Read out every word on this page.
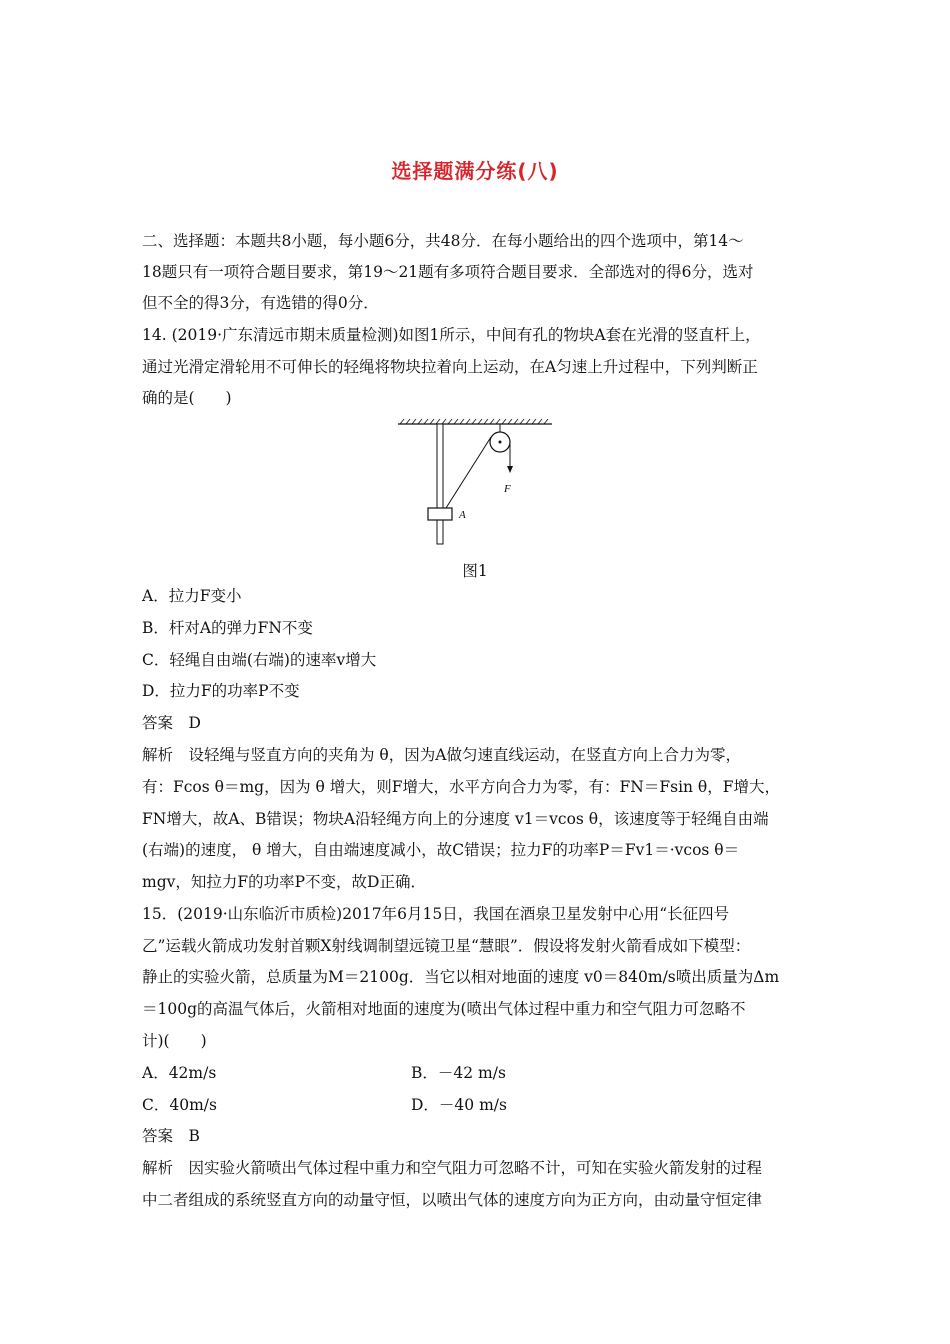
选择题满分练(八)
二、选择题：本题共8小题，每小题6分，共48分．在每小题给出的四个选项中，第14～
18题只有一项符合题目要求，第19～21题有多项符合题目要求．全部选对的得6分，选对
但不全的得3分，有选错的得0分．
14. (2019·广东清远市期末质量检测)如图1所示，中间有孔的物块A套在光滑的竖直杆上，
通过光滑定滑轮用不可伸长的轻绳将物块拉着向上运动，在A匀速上升过程中，下列判断正
确的是(　　)
F
A
图1
A．拉力F变小
B．杆对A的弹力FN不变
C．轻绳自由端(右端)的速率v增大
D．拉力F的功率P不变
答案　D
解析　设轻绳与竖直方向的夹角为 θ，因为A做匀速直线运动，在竖直方向上合力为零，
有：Fcos θ＝mg，因为 θ 增大，则F增大，水平方向合力为零，有：FN＝Fsin θ，F增大，
FN增大，故A、B错误；物块A沿轻绳方向上的分速度 v1＝vcos θ，该速度等于轻绳自由端
(右端)的速度， θ 增大，自由端速度减小，故C错误；拉力F的功率P＝Fv1＝·vcos θ＝
mgv，知拉力F的功率P不变，故D正确．
15．(2019·山东临沂市质检)2017年6月15日，我国在酒泉卫星发射中心用“长征四号
乙”运载火箭成功发射首颗X射线调制望远镜卫星“慧眼”．假设将发射火箭看成如下模型：
静止的实验火箭，总质量为M＝2100g．当它以相对地面的速度 v0＝840m/s喷出质量为Δm
＝100g的高温气体后，火箭相对地面的速度为(喷出气体过程中重力和空气阻力可忽略不
计)(　　)
A．42m/s	B．－42 m/s
C．40m/s	D．－40 m/s
答案　B
解析　因实验火箭喷出气体过程中重力和空气阻力可忽略不计，可知在实验火箭发射的过程
中二者组成的系统竖直方向的动量守恒，以喷出气体的速度方向为正方向，由动量守恒定律
